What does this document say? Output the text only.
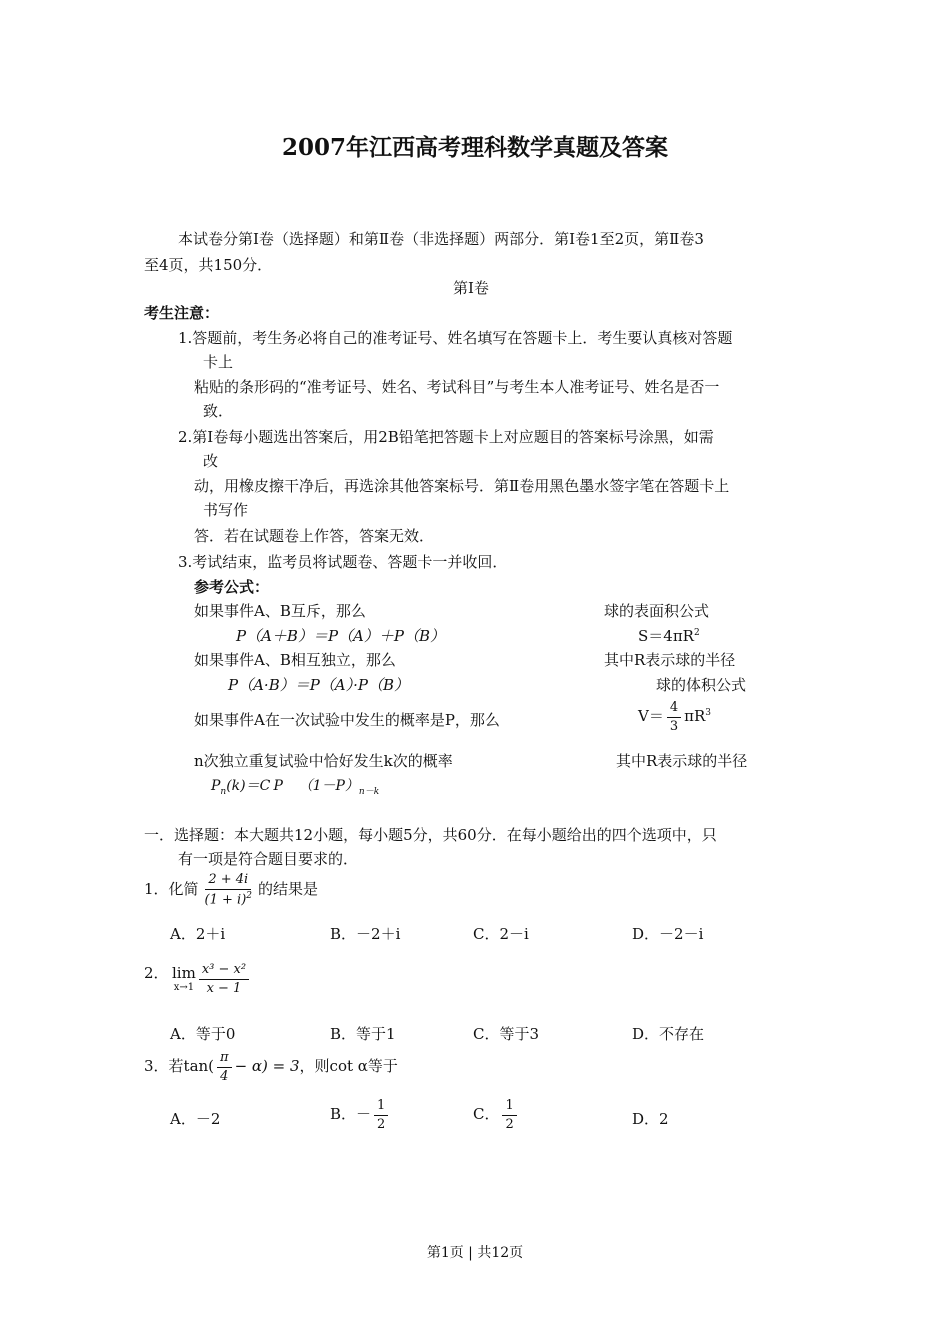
2007年江西高考理科数学真题及答案
本试卷分第Ⅰ卷（选择题）和第Ⅱ卷（非选择题）两部分．第Ⅰ卷1至2页，第Ⅱ卷3
至4页，共150分．
第Ⅰ卷
考生注意：
1.答题前，考生务必将自己的准考证号、姓名填写在答题卡上．考生要认真核对答题
卡上
粘贴的条形码的“准考证号、姓名、考试科目”与考生本人准考证号、姓名是否一
致．
2.第Ⅰ卷每小题选出答案后，用2B铅笔把答题卡上对应题目的答案标号涂黑，如需
改
动，用橡皮擦干净后，再选涂其他答案标号．第Ⅱ卷用黑色墨水签字笔在答题卡上
书写作
答．若在试题卷上作答，答案无效．
3.考试结束，监考员将试题卷、答题卡一并收回．
参考公式：
如果事件A、B互斥，那么
P（A＋B）＝P（A）＋P（B）
如果事件A、B相互独立，那么
P（A·B）＝P（A）·P（B）
如果事件A在一次试验中发生的概率是P，那么
n次独立重复试验中恰好发生k次的概率
$P_n(k)=C$ P $(1-P)_{n-k}$
球的表面积公式
$S=4\pi R^2$
其中R表示球的半径
球的体积公式
$V= \frac{4}{3} \pi R^3$
其中R表示球的半径
一．选择题：本大题共12小题，每小题5分，共60分．在每小题给出的四个选项中，只
有一项是符合题目要求的．
1．化简 $\frac{2 + 4i}{(1 + i)^2}$ 的结果是
A．2＋i	B．－2＋i	C．2－i	D．－2－i
2． lim
$x\to 1 \frac{\text{x³ − x²}}{x - 1}$
A．等于0	B．等于1	C．等于3	D．不存在
3．若$\tan( \frac{\pi}{4} - \alpha) = 3$，则cot α等于
A．－2	B．－ $\frac{1}{2}$	C． $\frac{1}{2}$	D．2
第1页 | 共12页
